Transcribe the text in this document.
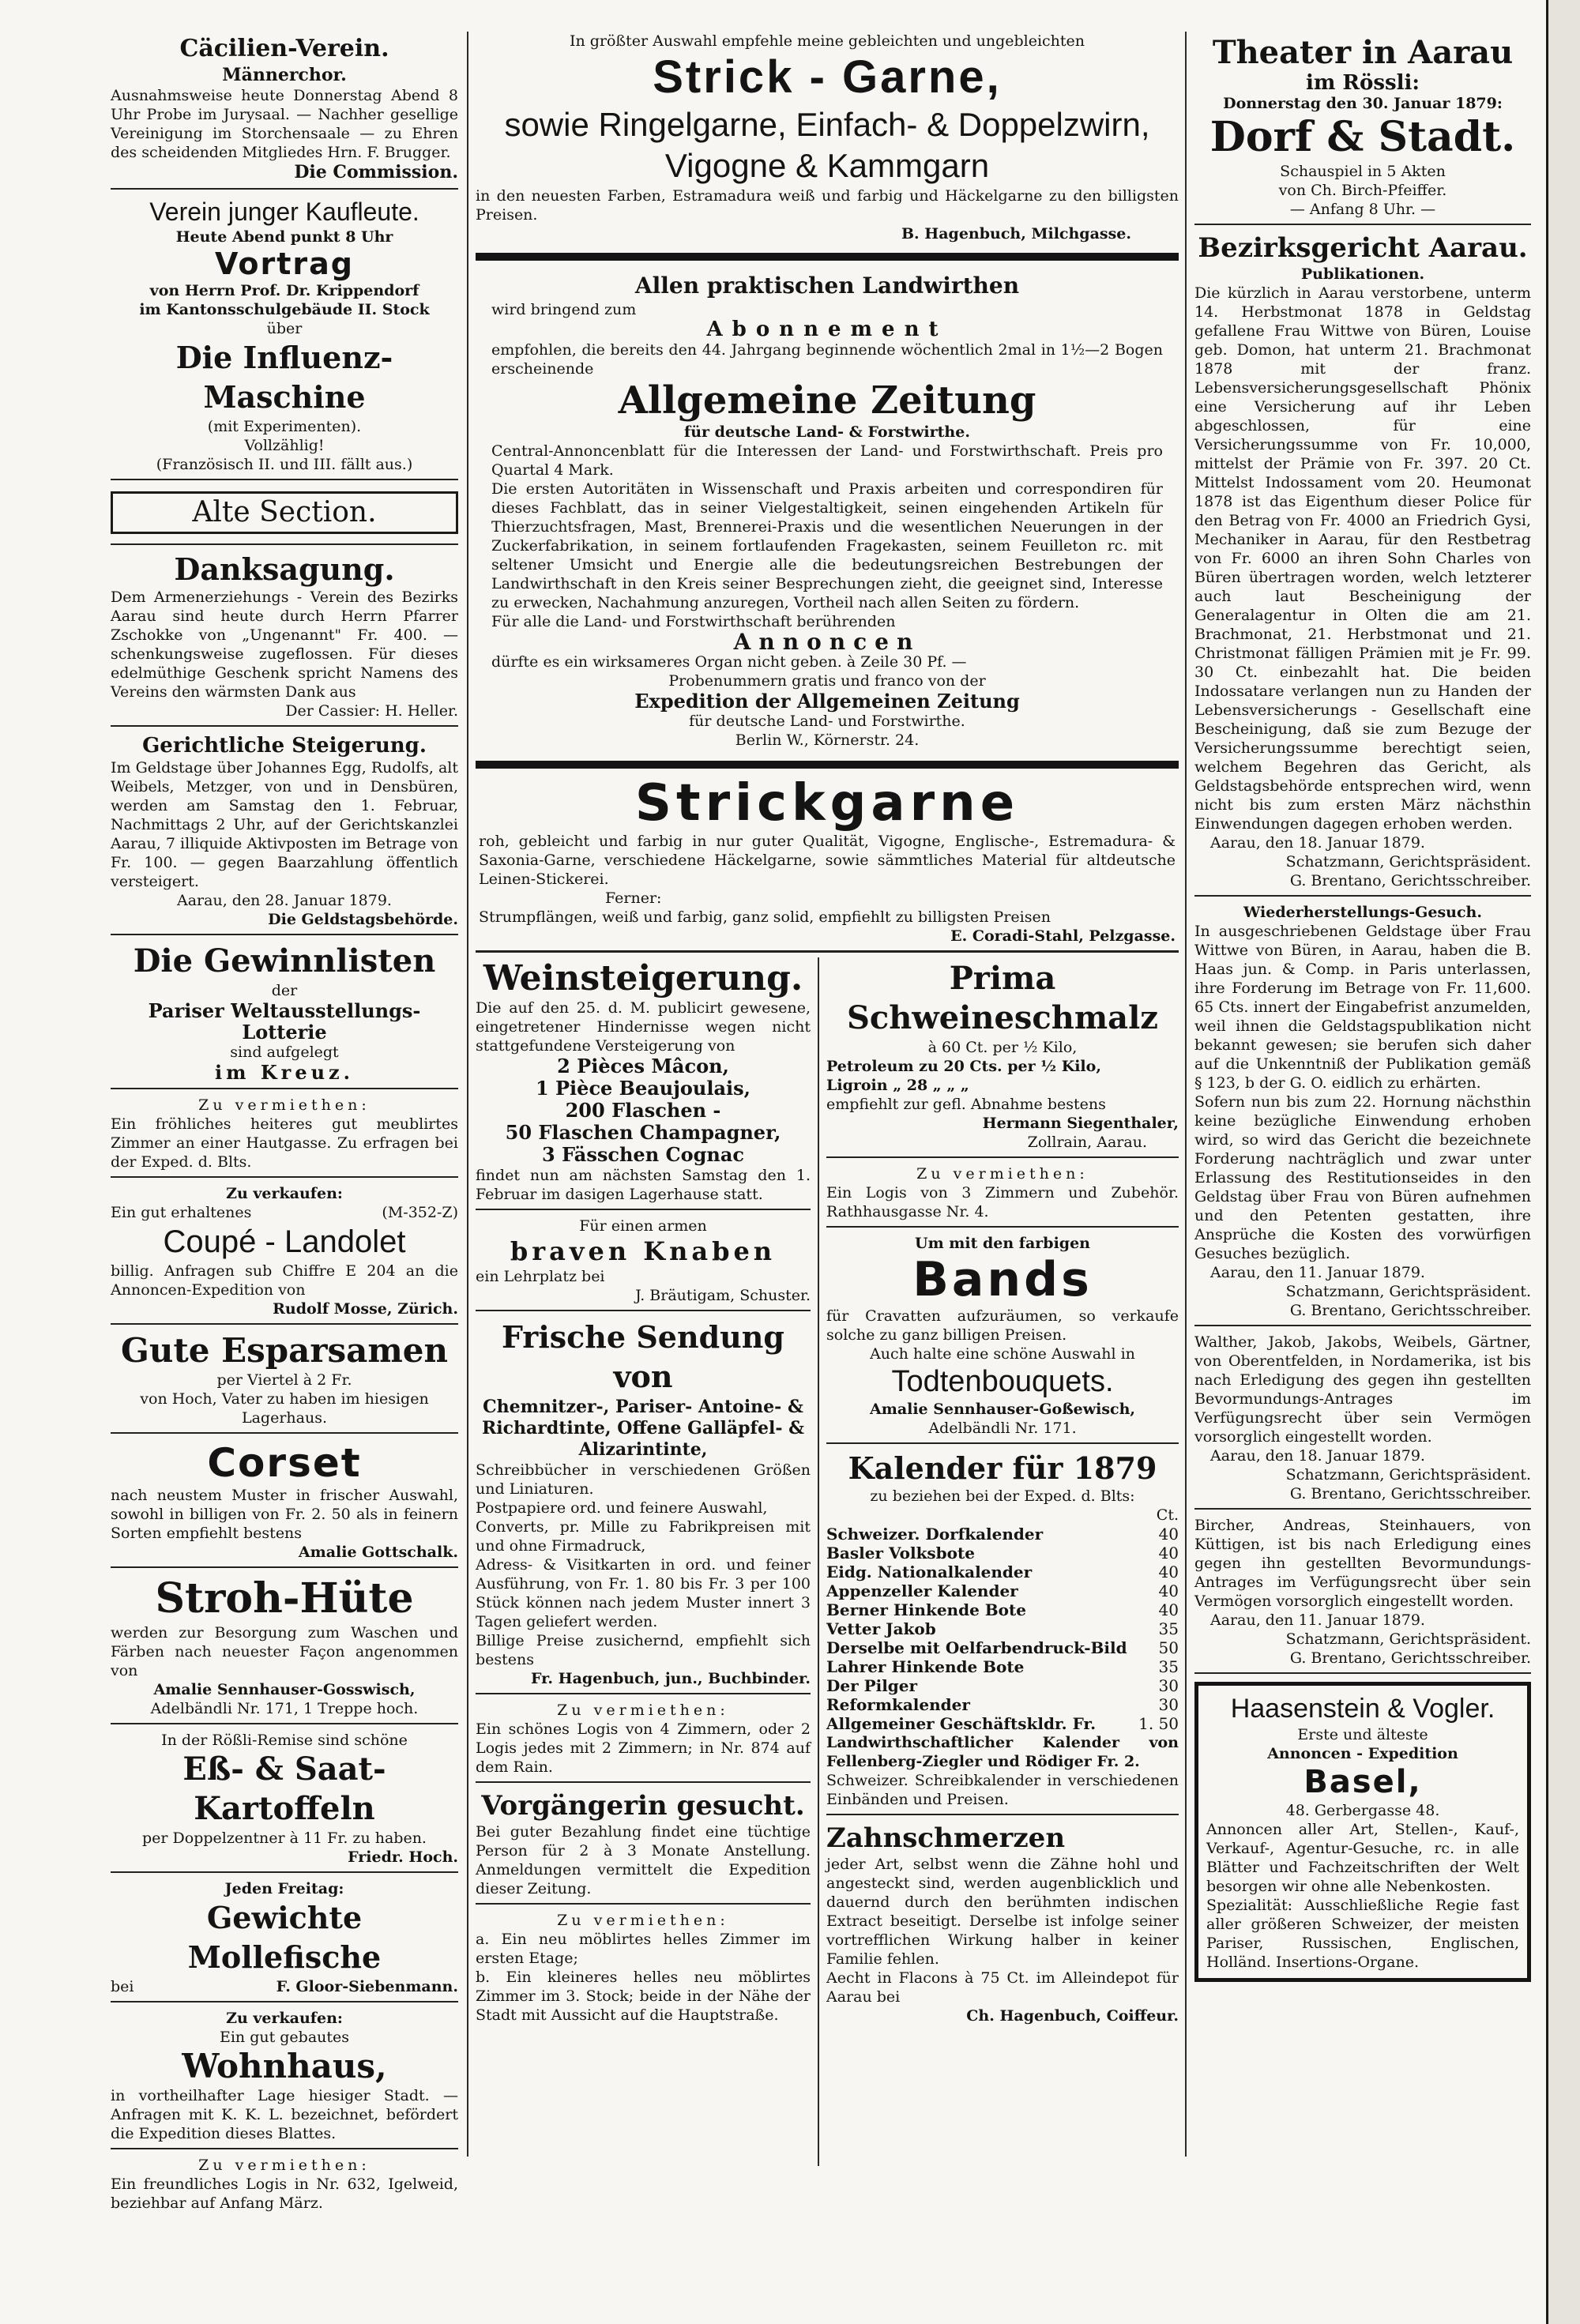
Cäcilien-Verein.
Männerchor.
Ausnahmsweise heute Donnerstag Abend 8 Uhr Probe im Jurysaal. — Nachher gesellige Vereinigung im Storchensaale — zu Ehren des scheidenden Mitgliedes Hrn. F. Brugger.
Die Commission.
Verein junger Kaufleute.
Heute Abend punkt 8 Uhr
Vortrag
von Herrn Prof. Dr. Krippendorf
im Kantonsschulgebäude II. Stock
über
Die Influenz-Maschine
(mit Experimenten).
Vollzählig!
(Französisch II. und III. fällt aus.)
Alte Section.
Danksagung.
Dem Armenerziehungs - Verein des Bezirks Aarau sind heute durch Herrn Pfarrer Zschokke von „Ungenannt" Fr. 400. — schenkungsweise zugeflossen. Für dieses edelmüthige Geschenk spricht Namens des Vereins den wärmsten Dank aus
Der Cassier: H. Heller.
Gerichtliche Steigerung.
Im Geldstage über Johannes Egg, Rudolfs, alt Weibels, Metzger, von und in Densbüren, werden am Samstag den 1. Februar, Nachmittags 2 Uhr, auf der Gerichtskanzlei Aarau, 7 illiquide Aktivposten im Betrage von Fr. 100. — gegen Baarzahlung öffentlich versteigert.
Aarau, den 28. Januar 1879.
Die Geldstagsbehörde.
Die Gewinnlisten
der
Pariser Weltausstellungs-Lotterie
sind aufgelegt
im Kreuz.
Zu vermiethen:
Ein fröhliches heiteres gut meublirtes Zimmer an einer Hautgasse. Zu erfragen bei der Exped. d. Blts.
Zu verkaufen:
Ein gut erhaltenes	(M-352-Z)
Coupé - Landolet
billig. Anfragen sub Chiffre E 204 an die Annoncen-Expedition von
Rudolf Mosse, Zürich.
Gute Esparsamen
per Viertel à 2 Fr.
von Hoch, Vater zu haben im hiesigen Lagerhaus.
Corset
nach neustem Muster in frischer Auswahl, sowohl in billigen von Fr. 2. 50 als in feinern Sorten empfiehlt bestens
Amalie Gottschalk.
Stroh-Hüte
werden zur Besorgung zum Waschen und Färben nach neuester Façon angenommen von
Amalie Sennhauser-Gosswisch,
Adelbändli Nr. 171, 1 Treppe hoch.
In der Rößli-Remise sind schöne
Eß- & Saat-Kartoffeln
per Doppelzentner à 11 Fr. zu haben.
Friedr. Hoch.
Jeden Freitag:
Gewichte Mollefische
bei	F. Gloor-Siebenmann.
Zu verkaufen:
Ein gut gebautes
Wohnhaus,
in vortheilhafter Lage hiesiger Stadt. — Anfragen mit K. K. L. bezeichnet, befördert die Expedition dieses Blattes.
Zu vermiethen:
Ein freundliches Logis in Nr. 632, Igelweid, beziehbar auf Anfang März.
In größter Auswahl empfehle meine gebleichten und ungebleichten
Strick - Garne,
sowie Ringelgarne, Einfach- & Doppelzwirn,
Vigogne & Kammgarn
in den neuesten Farben, Estramadura weiß und farbig und Häckelgarne zu den billigsten Preisen.
B. Hagenbuch, Milchgasse.
Allen praktischen Landwirthen
wird bringend zum
Abonnement
empfohlen, die bereits den 44. Jahrgang beginnende wöchentlich 2mal in 1½—2 Bogen erscheinende
Allgemeine Zeitung
für deutsche Land- & Forstwirthe.
Central-Annoncenblatt für die Interessen der Land- und Forstwirthschaft. Preis pro Quartal 4 Mark.
Die ersten Autoritäten in Wissenschaft und Praxis arbeiten und correspondiren für dieses Fachblatt, das in seiner Vielgestaltigkeit, seinen eingehenden Artikeln für Thierzuchtsfragen, Mast, Brennerei-Praxis und die wesentlichen Neuerungen in der Zuckerfabrikation, in seinem fortlaufenden Fragekasten, seinem Feuilleton rc. mit seltener Umsicht und Energie alle die bedeutungsreichen Bestrebungen der Landwirthschaft in den Kreis seiner Besprechungen zieht, die geeignet sind, Interesse zu erwecken, Nachahmung anzuregen, Vortheil nach allen Seiten zu fördern.
Für alle die Land- und Forstwirthschaft berührenden
Annoncen
dürfte es ein wirksameres Organ nicht geben. à Zeile 30 Pf. —
Probenummern gratis und franco von der
Expedition der Allgemeinen Zeitung
für deutsche Land- und Forstwirthe.
Berlin W., Körnerstr. 24.
Strickgarne
roh, gebleicht und farbig in nur guter Qualität, Vigogne, Englische-, Estremadura- & Saxonia-Garne, verschiedene Häckelgarne, sowie sämmtliches Material für altdeutsche Leinen-Stickerei.
Ferner:
Strumpflängen, weiß und farbig, ganz solid, empfiehlt zu billigsten Preisen
E. Coradi-Stahl, Pelzgasse.
Weinsteigerung.
Die auf den 25. d. M. publicirt gewesene, eingetretener Hindernisse wegen nicht stattgefundene Versteigerung von
2 Pièces Mâcon,
1 Pièce Beaujoulais,
200 Flaschen -
50 Flaschen Champagner,
3 Fässchen Cognac
findet nun am nächsten Samstag den 1. Februar im dasigen Lagerhause statt.
Für einen armen
braven Knaben
ein Lehrplatz bei
J. Bräutigam, Schuster.
Frische Sendung von
Chemnitzer-, Pariser- Antoine- & Richardtinte, Offene Galläpfel- & Alizarintinte,
Schreibbücher in verschiedenen Größen und Liniaturen.
Postpapiere ord. und feinere Auswahl,
Converts, pr. Mille zu Fabrikpreisen mit und ohne Firmadruck,
Adress- & Visitkarten in ord. und feiner Ausführung, von Fr. 1. 80 bis Fr. 3 per 100 Stück können nach jedem Muster innert 3 Tagen geliefert werden.
Billige Preise zusichernd, empfiehlt sich bestens
Fr. Hagenbuch, jun., Buchbinder.
Zu vermiethen:
Ein schönes Logis von 4 Zimmern, oder 2 Logis jedes mit 2 Zimmern; in Nr. 874 auf dem Rain.
Vorgängerin gesucht.
Bei guter Bezahlung findet eine tüchtige Person für 2 à 3 Monate Anstellung. Anmeldungen vermittelt die Expedition dieser Zeitung.
Zu vermiethen:
a. Ein neu möblirtes helles Zimmer im ersten Etage;
b. Ein kleineres helles neu möblirtes Zimmer im 3. Stock; beide in der Nähe der Stadt mit Aussicht auf die Hauptstraße.
Prima Schweineschmalz
à 60 Ct. per ½ Kilo,
Petroleum zu 20 Cts. per ½ Kilo,
Ligroin „ 28 „ „ „
empfiehlt zur gefl. Abnahme bestens
Hermann Siegenthaler,
Zollrain, Aarau.
Zu vermiethen:
Ein Logis von 3 Zimmern und Zubehör. Rathhausgasse Nr. 4.
Um mit den farbigen
Bands
für Cravatten aufzuräumen, so verkaufe solche zu ganz billigen Preisen.
Auch halte eine schöne Auswahl in
Todtenbouquets.
Amalie Sennhauser-Goßewisch,
Adelbändli Nr. 171.
Kalender für 1879
zu beziehen bei der Exped. d. Blts:
Ct.
Schweizer. Dorfkalender	40
Basler Volksbote	40
Eidg. Nationalkalender	40
Appenzeller Kalender	40
Berner Hinkende Bote	40
Vetter Jakob	35
Derselbe mit Oelfarbendruck-Bild 50
Lahrer Hinkende Bote	35
Der Pilger	30
Reformkalender	30
Allgemeiner Geschäftskldr. Fr.	1. 50
Landwirthschaftlicher Kalender von Fellenberg-Ziegler und Rödiger Fr. 2.
Schweizer. Schreibkalender in verschiedenen Einbänden und Preisen.
Zahnschmerzen
jeder Art, selbst wenn die Zähne hohl und angesteckt sind, werden augenblicklich und dauernd durch den berühmten indischen Extract beseitigt. Derselbe ist infolge seiner vortrefflichen Wirkung halber in keiner Familie fehlen.
Aecht in Flacons à 75 Ct. im Alleindepot für Aarau bei
Ch. Hagenbuch, Coiffeur.
Theater in Aarau
im Rössli:
Donnerstag den 30. Januar 1879:
Dorf & Stadt.
Schauspiel in 5 Akten
von Ch. Birch-Pfeiffer.
— Anfang 8 Uhr. —
Bezirksgericht Aarau.
Publikationen.
Die kürzlich in Aarau verstorbene, unterm 14. Herbstmonat 1878 in Geldstag gefallene Frau Wittwe von Büren, Louise geb. Domon, hat unterm 21. Brachmonat 1878 mit der franz. Lebensversicherungsgesellschaft Phönix eine Versicherung auf ihr Leben abgeschlossen, für eine Versicherungssumme von Fr. 10,000, mittelst der Prämie von Fr. 397. 20 Ct. Mittelst Indossament vom 20. Heumonat 1878 ist das Eigenthum dieser Police für den Betrag von Fr. 4000 an Friedrich Gysi, Mechaniker in Aarau, für den Restbetrag von Fr. 6000 an ihren Sohn Charles von Büren übertragen worden, welch letzterer auch laut Bescheinigung der Generalagentur in Olten die am 21. Brachmonat, 21. Herbstmonat und 21. Christmonat fälligen Prämien mit je Fr. 99. 30 Ct. einbezahlt hat. Die beiden Indossatare verlangen nun zu Handen der Lebensversicherungs - Gesellschaft eine Bescheinigung, daß sie zum Bezuge der Versicherungssumme berechtigt seien, welchem Begehren das Gericht, als Geldstagsbehörde entsprechen wird, wenn nicht bis zum ersten März nächsthin Einwendungen dagegen erhoben werden.
Aarau, den 18. Januar 1879.
Schatzmann, Gerichtspräsident.
G. Brentano, Gerichtsschreiber.
Wiederherstellungs-Gesuch.
In ausgeschriebenen Geldstage über Frau Wittwe von Büren, in Aarau, haben die B. Haas jun. & Comp. in Paris unterlassen, ihre Forderung im Betrage von Fr. 11,600. 65 Cts. innert der Eingabefrist anzumelden, weil ihnen die Geldstagspublikation nicht bekannt gewesen; sie berufen sich daher auf die Unkenntniß der Publikation gemäß § 123, b der G. O. eidlich zu erhärten.
Sofern nun bis zum 22. Hornung nächsthin keine bezügliche Einwendung erhoben wird, so wird das Gericht die bezeichnete Forderung nachträglich und zwar unter Erlassung des Restitutionseides in den Geldstag über Frau von Büren aufnehmen und den Petenten gestatten, ihre Ansprüche die Kosten des vorwürfigen Gesuches bezüglich.
Aarau, den 11. Januar 1879.
Schatzmann, Gerichtspräsident.
G. Brentano, Gerichtsschreiber.
Walther, Jakob, Jakobs, Weibels, Gärtner, von Oberentfelden, in Nordamerika, ist bis nach Erledigung des gegen ihn gestellten Bevormundungs-Antrages im Verfügungsrecht über sein Vermögen vorsorglich eingestellt worden.
Aarau, den 18. Januar 1879.
Schatzmann, Gerichtspräsident.
G. Brentano, Gerichtsschreiber.
Bircher, Andreas, Steinhauers, von Küttigen, ist bis nach Erledigung eines gegen ihn gestellten Bevormundungs-Antrages im Verfügungsrecht über sein Vermögen vorsorglich eingestellt worden.
Aarau, den 11. Januar 1879.
Schatzmann, Gerichtspräsident.
G. Brentano, Gerichtsschreiber.
Haasenstein & Vogler.
Erste und älteste
Annoncen - Expedition
Basel,
48. Gerbergasse 48.
Annoncen aller Art, Stellen-, Kauf-, Verkauf-, Agentur-Gesuche, rc. in alle Blätter und Fachzeitschriften der Welt besorgen wir ohne alle Nebenkosten.
Spezialität: Ausschließliche Regie fast aller größeren Schweizer, der meisten Pariser, Russischen, Englischen, Holländ. Insertions-Organe.
